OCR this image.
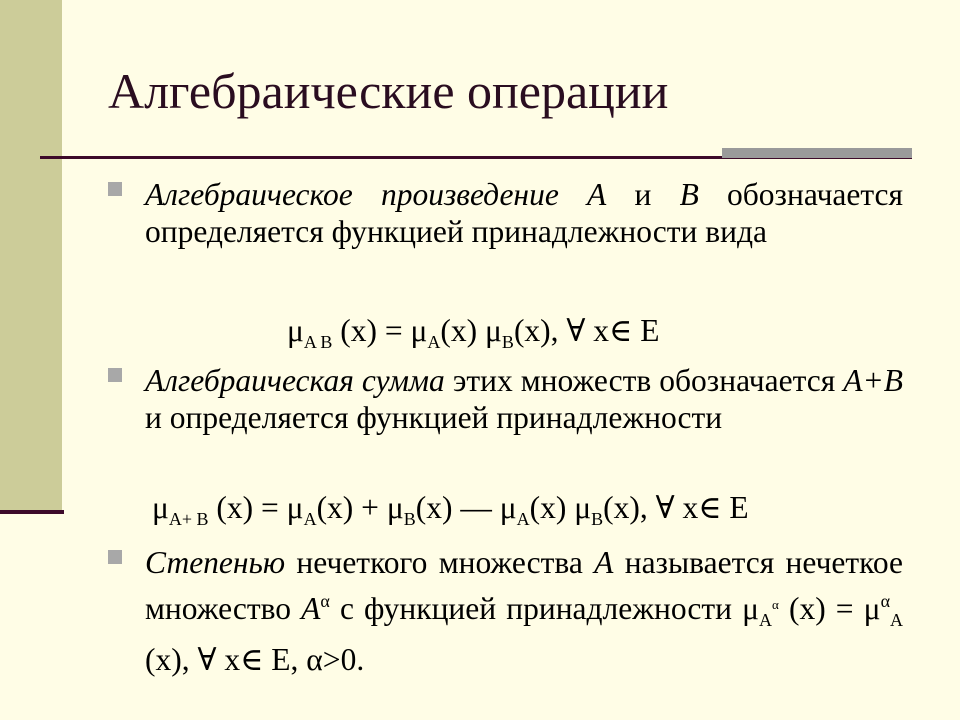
Алгебраические операции
Алгебраическое произведение A и B обозначается определяется функцией принадлежности вида
$\mu_{A B}$ $(x) = \mu_A(x)$ $\mu_B(x)$, ∀ x∈ E
Алгебраическая сумма этих множеств обозначается A+B и определяется функцией принадлежности
$\mu_{A+ B}$ $(x) = \mu_A(x) + \mu_B(x)$ — $\mu_A(x)$ $\mu_B(x)$, ∀ x∈ E
Степенью нечеткого множества A называется нечеткое множество $A^\alpha$ с функцией принадлежности $\mu_A^\alpha$ $(x) = \mu^\alpha_A$ (x), ∀ x∈ E, α>0.
